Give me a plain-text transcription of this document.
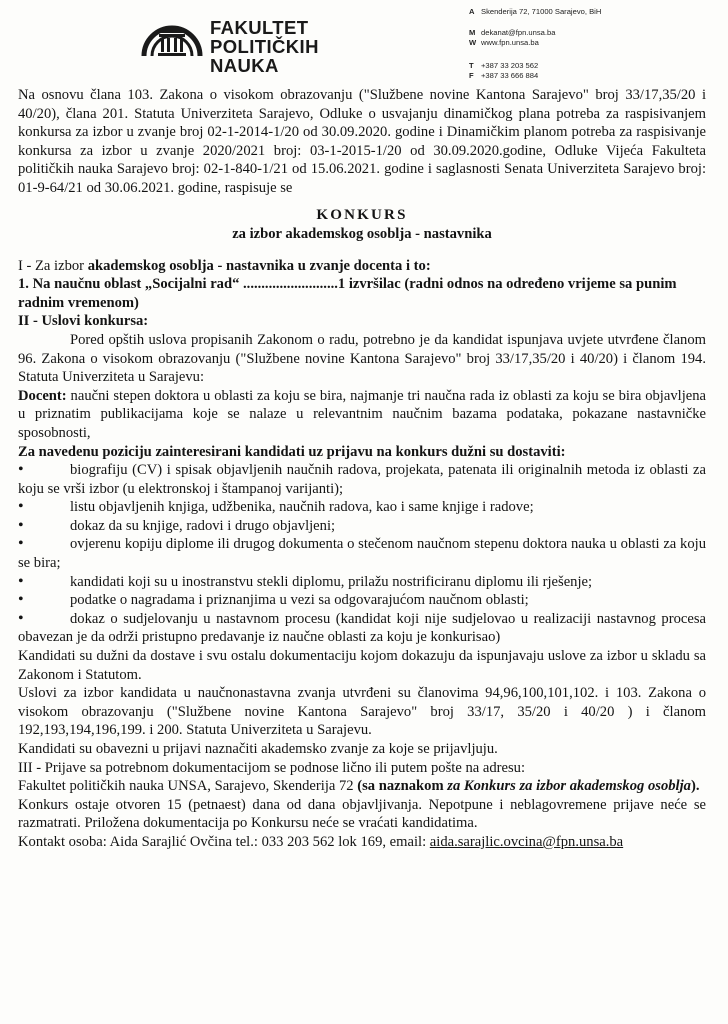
FAKULTET
POLITIČKIH
NAUKA
A Skenderija 72, 71000 Sarajevo, BiH
M dekanat@fpn.unsa.ba
W www.fpn.unsa.ba
T +387 33 203 562
F +387 33 666 884

Na osnovu člana 103. Zakona o visokom obrazovanju ("Službene novine Kantona Sarajevo" broj 33/17,35/20 i 40/20), člana 201. Statuta Univerziteta Sarajevo, Odluke o usvajanju dinamičkog plana potreba za raspisivanjem konkursa za izbor u zvanje broj 02-1-2014-1/20 od 30.09.2020. godine i Dinamičkim planom potreba za raspisivanje konkursa za izbor u zvanje 2020/2021 broj: 03-1-2015-1/20 od 30.09.2020.godine, Odluke Vijeća Fakulteta političkih nauka Sarajevo broj: 02-1-840-1/21 od 15.06.2021. godine i saglasnosti Senata Univerziteta Sarajevo broj: 01-9-64/21 od 30.06.2021. godine, raspisuje se

KONKURS
za izbor akademskog osoblja - nastavnika

I - Za izbor akademskog osoblja - nastavnika u zvanje docenta i to:

1. Na naučnu oblast „Socijalni rad“ ..........................1 izvršilac (radni odnos na određeno vrijeme sa punim radnim vremenom)

II - Uslovi konkursa:

Pored opštih uslova propisanih Zakonom o radu, potrebno je da kandidat ispunjava uvjete utvrđene članom 96. Zakona o visokom obrazovanju ("Službene novine Kantona Sarajevo" broj 33/17,35/20 i 40/20) i članom 194. Statuta Univerziteta u Sarajevu:

Docent: naučni stepen doktora u oblasti za koju se bira, najmanje tri naučna rada iz oblasti za koju se bira objavljena u priznatim publikacijama koje se nalaze u relevantnim naučnim bazama podataka, pokazane nastavničke sposobnosti,

Za navedenu poziciju zainteresirani kandidati uz prijavu na konkurs dužni su dostaviti:

•	biografiju (CV) i spisak objavljenih naučnih radova, projekata, patenata ili originalnih metoda iz oblasti za koju se vrši izbor (u elektronskoj i štampanoj varijanti);
•	listu objavljenih knjiga, udžbenika, naučnih radova, kao i same knjige i radove;
•	dokaz da su knjige, radovi i drugo objavljeni;
•	ovjerenu kopiju diplome ili drugog dokumenta o stečenom naučnom stepenu doktora nauka u oblasti za koju se bira;
•	kandidati koji su u inostranstvu stekli diplomu, prilažu nostrificiranu diplomu ili rješenje;
•	podatke o nagradama i priznanjima u vezi sa odgovarajućom naučnom oblasti;
•	dokaz o sudjelovanju u nastavnom procesu (kandidat koji nije sudjelovao u realizaciji nastavnog procesa obavezan je da održi pristupno predavanje iz naučne oblasti za koju je konkurisao)

Kandidati su dužni da dostave i svu ostalu dokumentaciju kojom dokazuju da ispunjavaju uslove za izbor u skladu sa Zakonom i Statutom.

Uslovi za izbor kandidata u naučnonastavna zvanja utvrđeni su članovima 94,96,100,101,102. i 103. Zakona o visokom obrazovanju ("Službene novine Kantona Sarajevo" broj 33/17, 35/20 i 40/20 ) i članom 192,193,194,196,199. i 200. Statuta Univerziteta u Sarajevu.

Kandidati su obavezni u prijavi naznačiti akademsko zvanje za koje se prijavljuju.

III - Prijave sa potrebnom dokumentacijom se podnose lično ili putem pošte na adresu:

Fakultet političkih nauka UNSA, Sarajevo, Skenderija 72 (sa naznakom za Konkurs za izbor akademskog osoblja).

Konkurs ostaje otvoren 15 (petnaest) dana od dana objavljivanja. Nepotpune i neblagovremene prijave neće se razmatrati. Priložena dokumentacija po Konkursu neće se vraćati kandidatima.

Kontakt osoba: Aida Sarajlić Ovčina tel.: 033 203 562 lok 169, email: aida.sarajlic.ovcina@fpn.unsa.ba
